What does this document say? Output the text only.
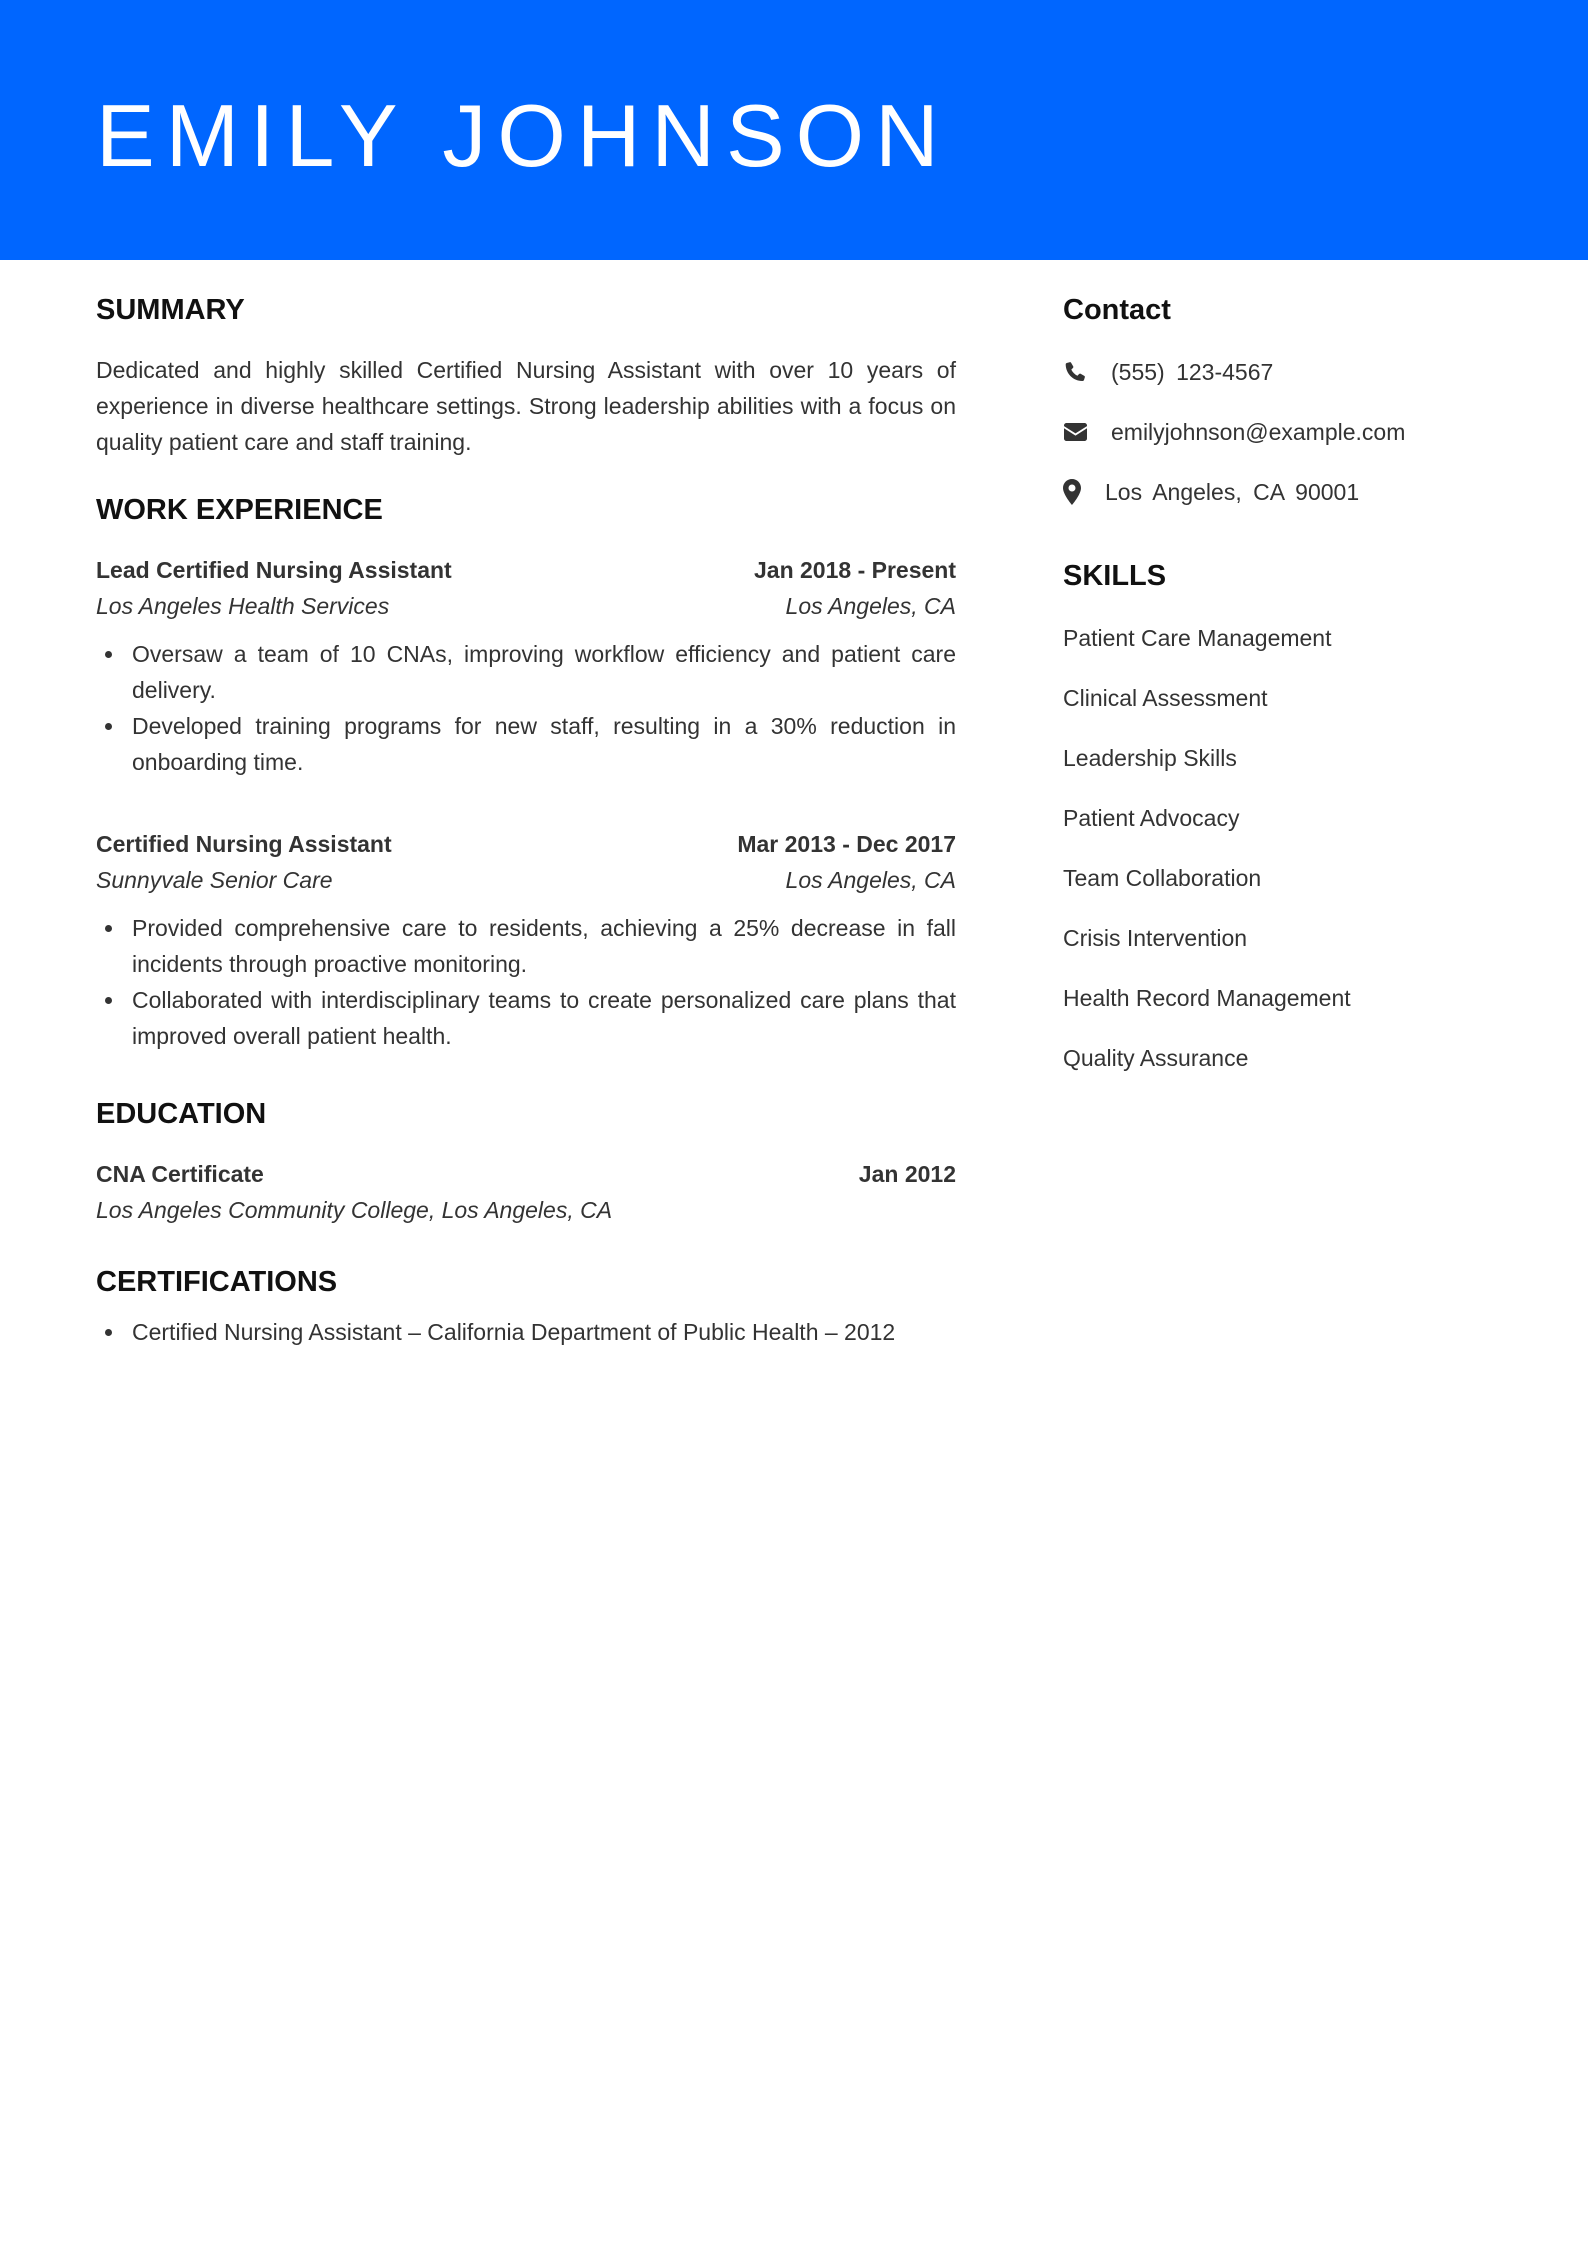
EMILY JOHNSON
SUMMARY

Dedicated and highly skilled Certified Nursing Assistant with over 10 years of experience in diverse healthcare settings. Strong leadership abilities with a focus on quality patient care and staff training.

WORK EXPERIENCE
Lead Certified Nursing Assistant	Jan 2018 - Present
Los Angeles Health Services	Los Angeles, CA
Oversaw a team of 10 CNAs, improving workflow efficiency and patient care delivery.
Developed training programs for new staff, resulting in a 30% reduction in onboarding time.
Certified Nursing Assistant	Mar 2013 - Dec 2017
Sunnyvale Senior Care	Los Angeles, CA
Provided comprehensive care to residents, achieving a 25% decrease in fall incidents through proactive monitoring.
Collaborated with interdisciplinary teams to create personalized care plans that improved overall patient health.
EDUCATION
CNA Certificate	Jan 2012
Los Angeles Community College, Los Angeles, CA
CERTIFICATIONS
Certified Nursing Assistant – California Department of Public Health – 2012
Contact
(555) 123-4567
emilyjohnson@example.com
Los Angeles, CA 90001
SKILLS
Patient Care Management
Clinical Assessment
Leadership Skills
Patient Advocacy
Team Collaboration
Crisis Intervention
Health Record Management
Quality Assurance
